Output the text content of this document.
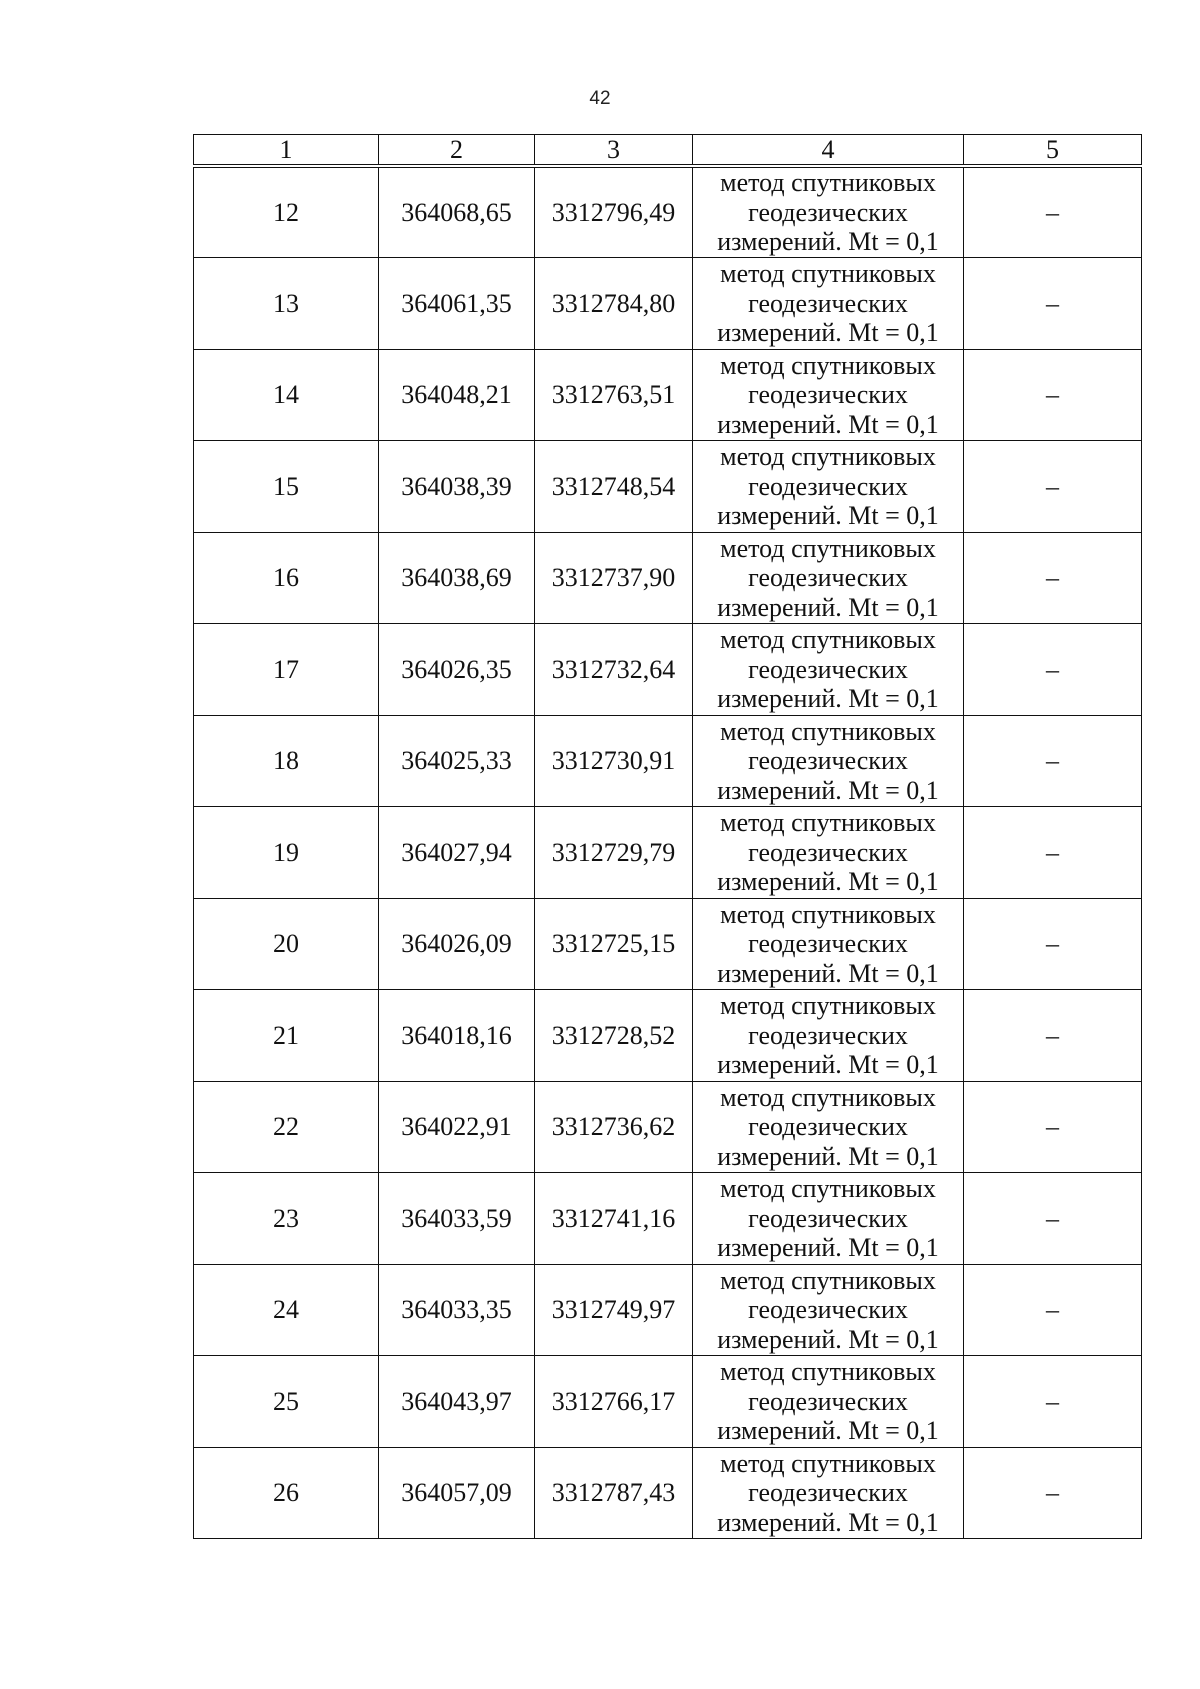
42
1	2	3	4	5
12	364068,65	3312796,49	метод спутниковых
геодезических
измерений. Mt = 0,1	–
13	364061,35	3312784,80	метод спутниковых
геодезических
измерений. Mt = 0,1	–
14	364048,21	3312763,51	метод спутниковых
геодезических
измерений. Mt = 0,1	–
15	364038,39	3312748,54	метод спутниковых
геодезических
измерений. Mt = 0,1	–
16	364038,69	3312737,90	метод спутниковых
геодезических
измерений. Mt = 0,1	–
17	364026,35	3312732,64	метод спутниковых
геодезических
измерений. Mt = 0,1	–
18	364025,33	3312730,91	метод спутниковых
геодезических
измерений. Mt = 0,1	–
19	364027,94	3312729,79	метод спутниковых
геодезических
измерений. Mt = 0,1	–
20	364026,09	3312725,15	метод спутниковых
геодезических
измерений. Mt = 0,1	–
21	364018,16	3312728,52	метод спутниковых
геодезических
измерений. Mt = 0,1	–
22	364022,91	3312736,62	метод спутниковых
геодезических
измерений. Mt = 0,1	–
23	364033,59	3312741,16	метод спутниковых
геодезических
измерений. Mt = 0,1	–
24	364033,35	3312749,97	метод спутниковых
геодезических
измерений. Mt = 0,1	–
25	364043,97	3312766,17	метод спутниковых
геодезических
измерений. Mt = 0,1	–
26	364057,09	3312787,43	метод спутниковых
геодезических
измерений. Mt = 0,1	–
